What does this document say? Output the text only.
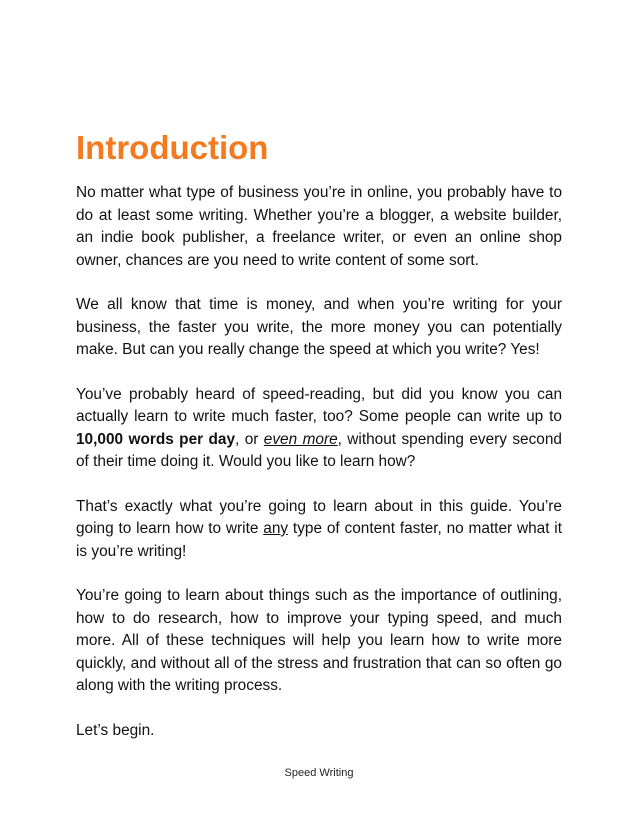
Introduction

No matter what type of business you’re in online, you probably have to do at least some writing. Whether you’re a blogger, a website builder, an indie book publisher, a freelance writer, or even an online shop owner, chances are you need to write content of some sort.

We all know that time is money, and when you’re writing for your business, the faster you write, the more money you can potentially make. But can you really change the speed at which you write? Yes!

You’ve probably heard of speed-reading, but did you know you can actually learn to write much faster, too? Some people can write up to 10,000 words per day, or even more, without spending every second of their time doing it. Would you like to learn how?

That’s exactly what you’re going to learn about in this guide. You’re going to learn how to write any type of content faster, no matter what it is you’re writing!

You’re going to learn about things such as the importance of outlining, how to do research, how to improve your typing speed, and much more. All of these techniques will help you learn how to write more quickly, and without all of the stress and frustration that can so often go along with the writing process.

Let’s begin.

Speed Writing
